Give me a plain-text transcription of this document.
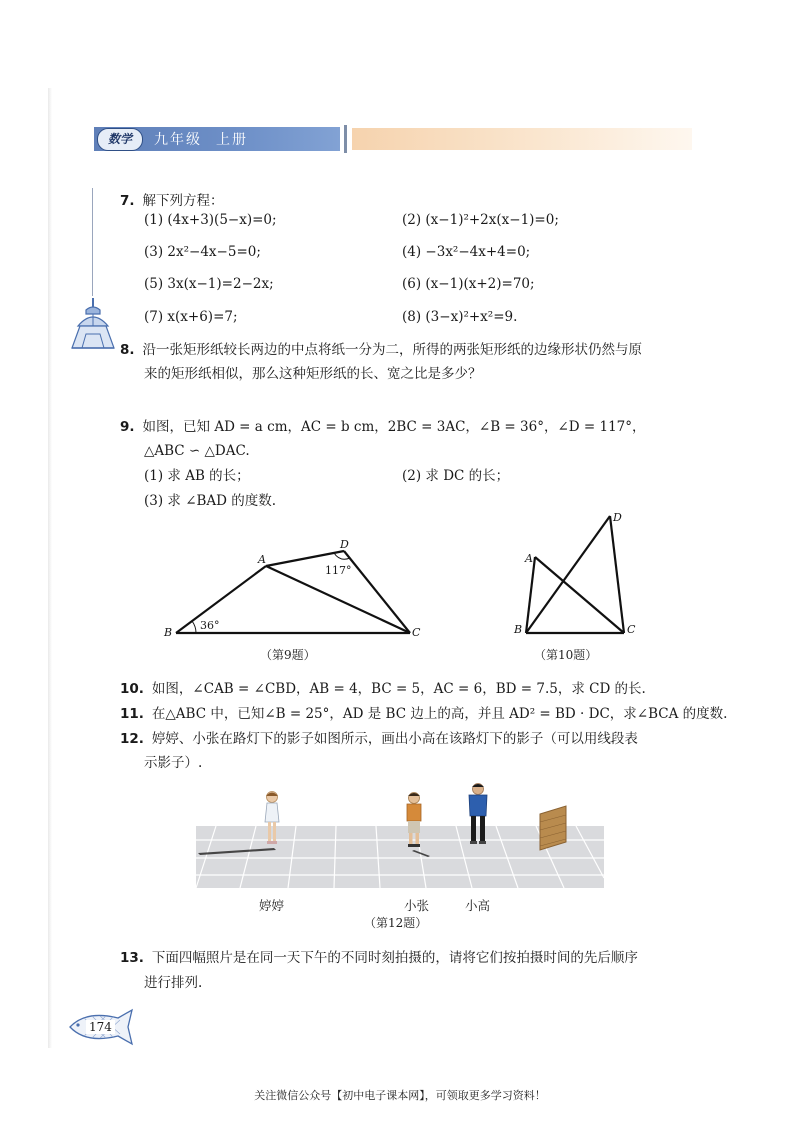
数学	九年级 上册
7. 解下列方程：
(1) (4x+3)(5−x)=0;	(2) (x−1)²+2x(x−1)=0;
(3) 2x²−4x−5=0;	(4) −3x²−4x+4=0;
(5) 3x(x−1)=2−2x;	(6) (x−1)(x+2)=70;
(7) x(x+6)=7;	(8) (3−x)²+x²=9.
8. 沿一张矩形纸较长两边的中点将纸一分为二，所得的两张矩形纸的边缘形状仍然与原
来的矩形纸相似，那么这种矩形纸的长、宽之比是多少？
9. 如图，已知 AD = a cm，AC = b cm，2BC = 3AC，∠B = 36°，∠D = 117°，
△ABC ∽ △DAC.
(1) 求 AB 的长；	(2) 求 DC 的长；
(3) 求 ∠BAD 的度数.
A
B	C
D
36°
117°
（第9题）
A
B	C
D
（第10题）
10. 如图，∠CAB = ∠CBD，AB = 4，BC = 5，AC = 6，BD = 7.5，求 CD 的长.
11. 在△ABC 中，已知∠B = 25°，AD 是 BC 边上的高，并且 AD² = BD · DC，求∠BCA 的度数.
12. 婷婷、小张在路灯下的影子如图所示，画出小高在该路灯下的影子（可以用线段表
示影子）.
婷婷	小张	小高
（第12题）
13. 下面四幅照片是在同一天下午的不同时刻拍摄的，请将它们按拍摄时间的先后顺序
进行排列.
174
关注微信公众号【初中电子课本网】，可领取更多学习资料！
